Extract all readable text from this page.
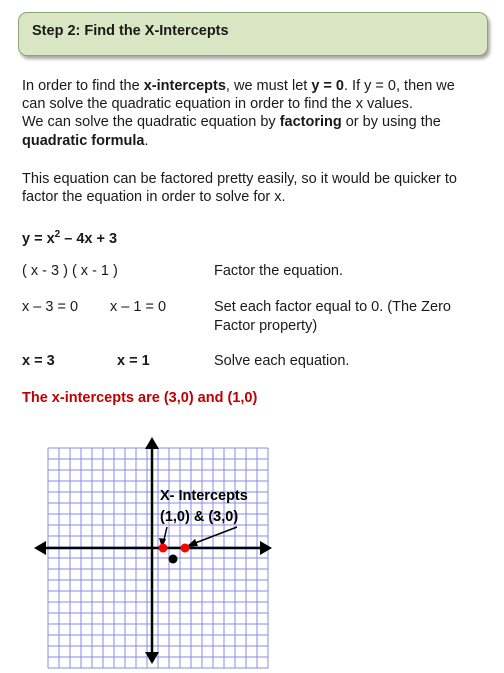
Step 2: Find the X-Intercepts
In order to find the x-intercepts, we must let y = 0. If y = 0, then we
can solve the quadratic equation in order to find the x values.
We can solve the quadratic equation by factoring or by using the
quadratic formula.
This equation can be factored pretty easily, so it would be quicker to
factor the equation in order to solve for x.
$y = x^2 - 4x + 3$
( x - 3 ) ( x - 1 )	Factor the equation.
x – 3 = 0 x – 1 = 0	Set each factor equal to 0. (The Zero
Factor property)
x = 3	x = 1	Solve each equation.
The x-intercepts are (3,0) and (1,0)
X- Intercepts
(1,0) & (3,0)
